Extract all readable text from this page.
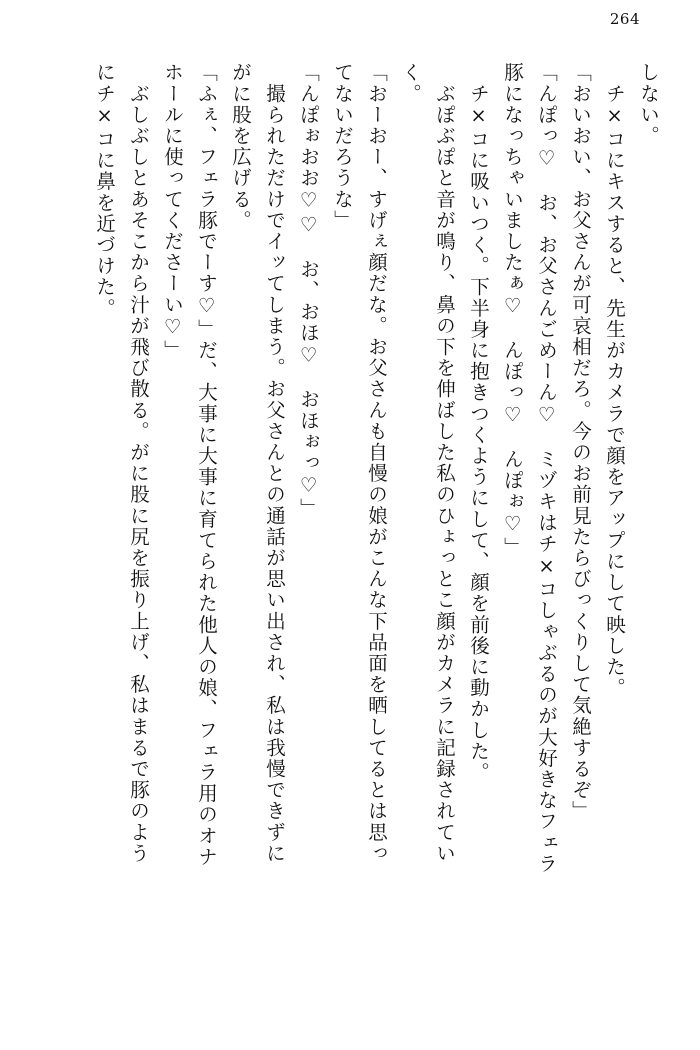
264
しない。
　チ×コにキスすると、先生がカメラで顔をアップにして映した。
「おいおい、お父さんが可哀相だろ。今のお前見たらびっくりして気絶するぞ」
「んぽっ♡　お、お父さんごめーん♡　ミヅキはチ×コしゃぶるのが大好きなフェラ
豚になっちゃいましたぁ♡　んぽっ♡　んぽぉ♡」
　チ×コに吸いつく。下半身に抱きつくようにして、顔を前後に動かした。
　ぶぽぶぽと音が鳴り、鼻の下を伸ばした私のひょっとこ顔がカメラに記録されてい
く。
「おーおー、すげぇ顔だな。お父さんも自慢の娘がこんな下品面を晒してるとは思っ
てないだろうな」
「んぽぉおお♡♡　お、おほ♡　おほぉっ♡」
　撮られただけでイッてしまう。お父さんとの通話が思い出され、私は我慢できずに
がに股を広げる。
「ふぇ、フェラ豚でーす♡」だ、大事に大事に育てられた他人の娘、フェラ用のオナ
ホールに使ってくださーい♡」
　ぶしぶしとあそこから汁が飛び散る。がに股に尻を振り上げ、私はまるで豚のよう
にチ×コに鼻を近づけた。
